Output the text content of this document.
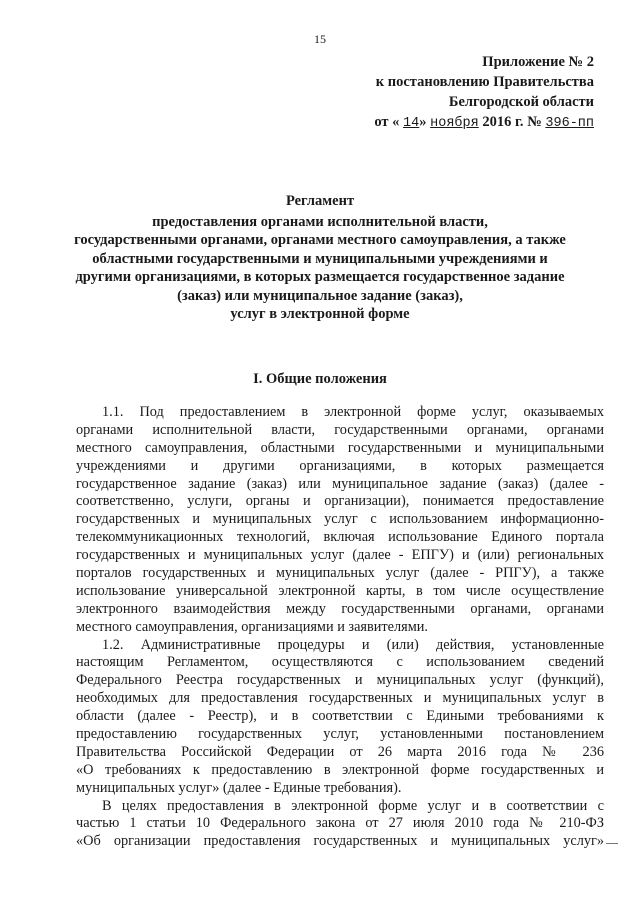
15
Приложение № 2
к постановлению Правительства
Белгородской области
от « 14» ноября 2016 г. № 396-пп
Регламент
предоставления органами исполнительной власти,
государственными органами, органами местного самоуправления, а также
областными государственными и муниципальными учреждениями и
другими организациями, в которых размещается государственное задание
(заказ) или муниципальное задание (заказ),
услуг в электронной форме
I. Общие положения
1.1. Под предоставлением в электронной форме услуг, оказываемых
органами исполнительной власти, государственными органами, органами
местного самоуправления, областными государственными и муниципальными
учреждениями и другими организациями, в которых размещается
государственное задание (заказ) или муниципальное задание (заказ) (далее -
соответственно, услуги, органы и организации), понимается предоставление
государственных и муниципальных услуг с использованием информационно-
телекоммуникационных технологий, включая использование Единого портала
государственных и муниципальных услуг (далее - ЕПГУ) и (или) региональных
порталов государственных и муниципальных услуг (далее - РПГУ), а также
использование универсальной электронной карты, в том числе осуществление
электронного взаимодействия между государственными органами, органами
местного самоуправления, организациями и заявителями.
1.2. Административные процедуры и (или) действия, установленные
настоящим Регламентом, осуществляются с использованием сведений
Федерального Реестра государственных и муниципальных услуг (функций),
необходимых для предоставления государственных и муниципальных услуг в
области (далее - Реестр), и в соответствии с Едиными требованиями к
предоставлению государственных услуг, установленными постановлением
Правительства Российской Федерации от 26 марта 2016 года № 236
«О требованиях к предоставлению в электронной форме государственных и
муниципальных услуг» (далее - Единые требования).
В целях предоставления в электронной форме услуг и в соответствии с
частью 1 статьи 10 Федерального закона от 27 июля 2010 года № 210-ФЗ
«Об организации предоставления государственных и муниципальных услуг»
